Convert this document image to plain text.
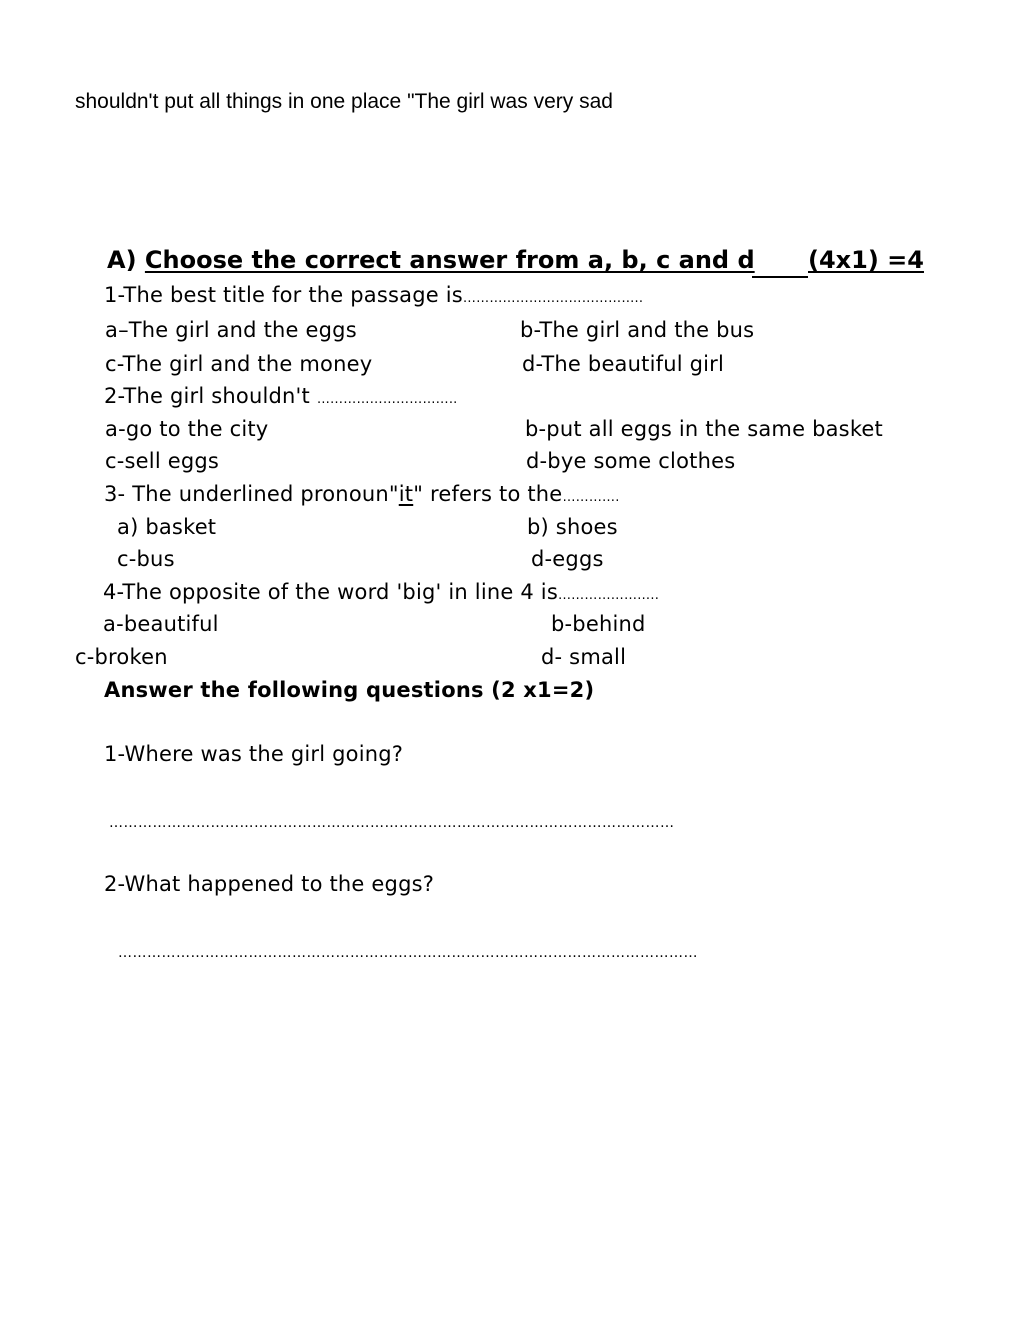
shouldn't put all things in one place "The girl was very sad
A) Choose the correct answer from a, b, c and d (4x1) =4
1-The best title for the passage is…………………………………..
a–The girl and the eggs	b-The girl and the bus
c-The girl and the money	d-The beautiful girl
2-The girl shouldn't …………………………..
a-go to the city	b-put all eggs in the same basket
c-sell eggs	d-bye some clothes
3- The underlined pronoun"it" refers to the………….
a) basket	b) shoes
c-bus	d-eggs
4-The opposite of the word 'big' in line 4 is…………………..
a-beautiful	b-behind
c-broken	d- small
Answer the following questions (2 x1=2)
1-Where was the girl going?
………………………………………………………………………………………………………
2-What happened to the eggs?
…………………………………………………………………………………………………………
